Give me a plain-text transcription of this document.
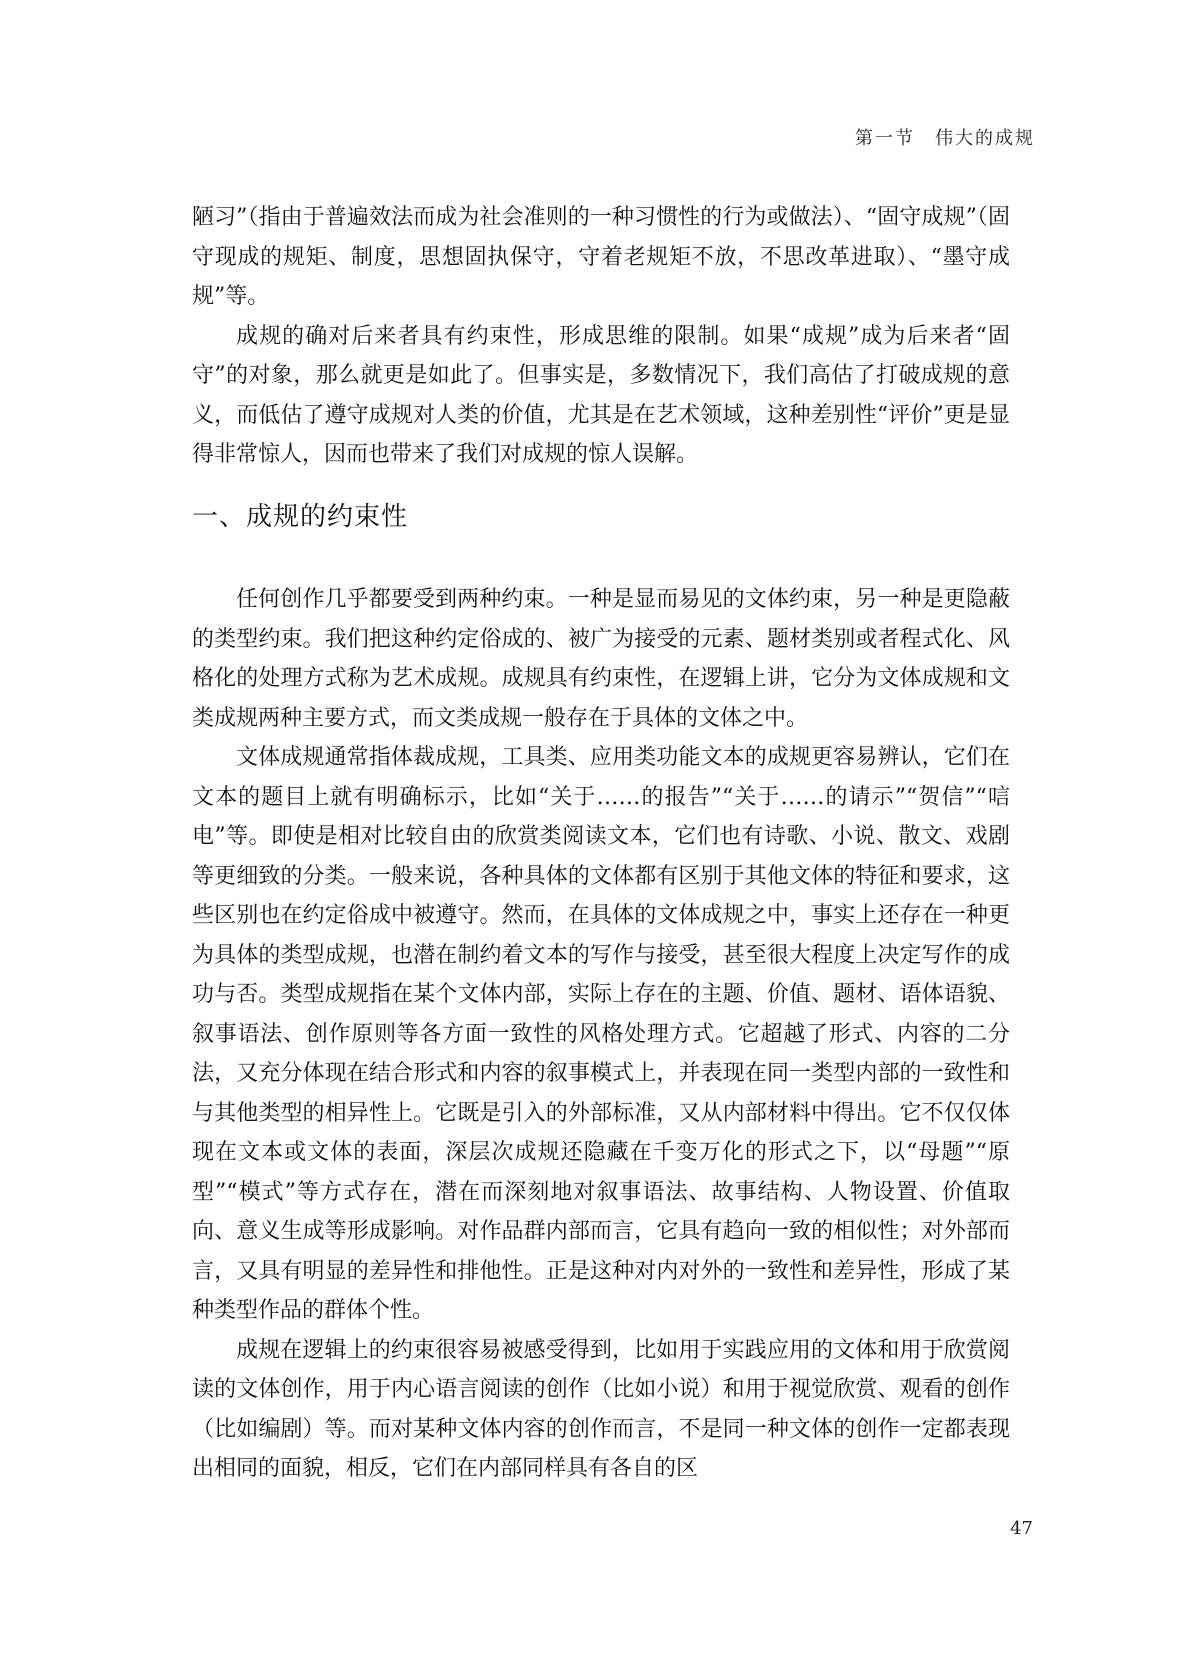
第一节 伟大的成规

陋习”（指由于普遍效法而成为社会准则的一种习惯性的行为或做法）、“固守成规”（固守现成的规矩、制度，思想固执保守，守着老规矩不放，不思改革进取）、“墨守成规”等。

成规的确对后来者具有约束性，形成思维的限制。如果“成规”成为后来者“固守”的对象，那么就更是如此了。但事实是，多数情况下，我们高估了打破成规的意义，而低估了遵守成规对人类的价值，尤其是在艺术领域，这种差别性“评价”更是显得非常惊人，因而也带来了我们对成规的惊人误解。

一、成规的约束性

任何创作几乎都要受到两种约束。一种是显而易见的文体约束，另一种是更隐蔽的类型约束。我们把这种约定俗成的、被广为接受的元素、题材类别或者程式化、风格化的处理方式称为艺术成规。成规具有约束性，在逻辑上讲，它分为文体成规和文类成规两种主要方式，而文类成规一般存在于具体的文体之中。

文体成规通常指体裁成规，工具类、应用类功能文本的成规更容易辨认，它们在文本的题目上就有明确标示，比如“关于……的报告”“关于……的请示”“贺信”“唁电”等。即使是相对比较自由的欣赏类阅读文本，它们也有诗歌、小说、散文、戏剧等更细致的分类。一般来说，各种具体的文体都有区别于其他文体的特征和要求，这些区别也在约定俗成中被遵守。然而，在具体的文体成规之中，事实上还存在一种更为具体的类型成规，也潜在制约着文本的写作与接受，甚至很大程度上决定写作的成功与否。类型成规指在某个文体内部，实际上存在的主题、价值、题材、语体语貌、叙事语法、创作原则等各方面一致性的风格处理方式。它超越了形式、内容的二分法，又充分体现在结合形式和内容的叙事模式上，并表现在同一类型内部的一致性和与其他类型的相异性上。它既是引入的外部标准，又从内部材料中得出。它不仅仅体现在文本或文体的表面，深层次成规还隐藏在千变万化的形式之下，以“母题”“原型”“模式”等方式存在，潜在而深刻地对叙事语法、故事结构、人物设置、价值取向、意义生成等形成影响。对作品群内部而言，它具有趋向一致的相似性；对外部而言，又具有明显的差异性和排他性。正是这种对内对外的一致性和差异性，形成了某种类型作品的群体个性。

成规在逻辑上的约束很容易被感受得到，比如用于实践应用的文体和用于欣赏阅读的文体创作，用于内心语言阅读的创作（比如小说）和用于视觉欣赏、观看的创作（比如编剧）等。而对某种文体内容的创作而言，不是同一种文体的创作一定都表现出相同的面貌，相反，它们在内部同样具有各自的区

47
